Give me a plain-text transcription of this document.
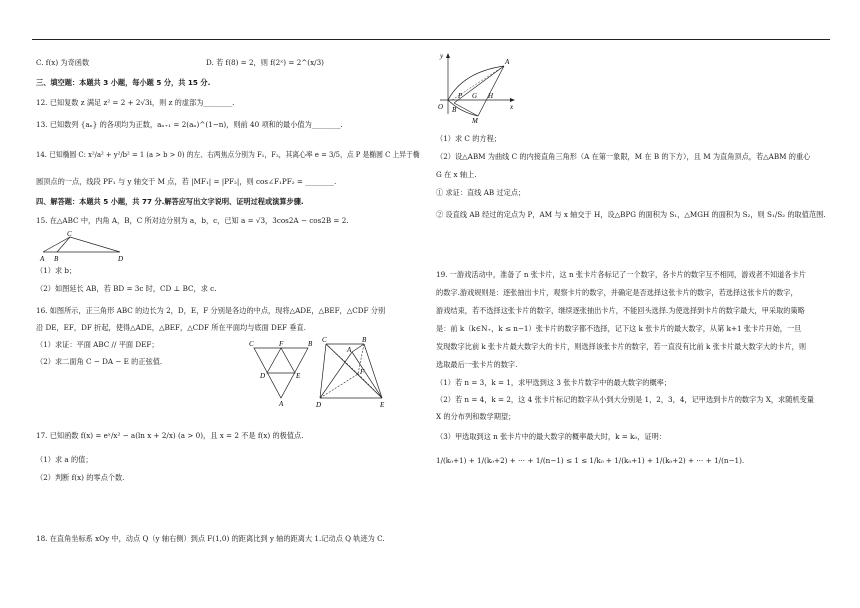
C. f(x) 为奇函数	D. 若 f(8) = 2，则 f(2ˣ) = 2^(x/3)
三、填空题：本题共 3 小题，每小题 5 分，共 15 分.
12. 已知复数 z 满足 z² = 2 + 2√3i，则 z 的虚部为________.
13. 已知数列 {aₙ} 的各项均为正数，aₙ₊₁ = 2(aₙ)^(1−n)，则前 40 项和的最小值为________.
14. 已知椭圆 C: x²/a² + y²/b² = 1 (a > b > 0) 的左、右两焦点分别为 F₁，F₂，其离心率 e = 3/5，点 P 是椭圆 C 上异于椭
圆顶点的一点，线段 PF₁ 与 y 轴交于 M 点，若 |MF₁| = |PF₂|，则 cos∠F₁PF₂ = ________.
四、解答题：本题共 5 小题，共 77 分.解答应写出文字说明、证明过程或演算步骤.
15. 在△ABC 中，内角 A，B，C 所对边分别为 a，b，c，已知 a = √3，3cos2A − cos2B = 2.
C
A B	D
（1）求 b；
（2）如图延长 AB，若 BD = 3c 时，CD ⊥ BC，求 c.
16. 如图所示，正三角形 ABC 的边长为 2，D，E，F 分别是各边的中点，现将△ADE，△BEF，△CDF 分别
沿 DE，EF，DF 折起，使得△ADE，△BEF，△CDF 所在平面均与底面 DEF 垂直.
（1）求证：平面 ABC // 平面 DEF；
（2）求二面角 C − DA − E 的正弦值.
C	F	B
D	E
A
C
A
B
F
D	E
17. 已知函数 f(x) = eˣ/x² − a(ln x + 2/x) (a > 0)，且 x = 2 不是 f(x) 的极值点.
（1）求 a 的值；
（2）判断 f(x) 的零点个数.
18. 在直角坐标系 xOy 中，动点 Q（y 轴右侧）到点 F(1,0) 的距离比到 y 轴的距离大 1.记动点 Q 轨迹为 C.
y
A
O B
P G H
x
M
（1）求 C 的方程；
（2）设△ABM 为曲线 C 的内接直角三角形（A 在第一象限，M 在 B 的下方），且 M 为直角顶点，若△ABM 的重心
G 在 x 轴上.
① 求证：直线 AB 过定点；
② 设直线 AB 经过的定点为 P，AM 与 x 轴交于 H，设△BPG 的面积为 S₁，△MGH 的面积为 S₂，则 S₁/S₂ 的取值范围.
19. 一游戏活动中，准备了 n 张卡片，这 n 张卡片各标记了一个数字，各卡片的数字互不相同，游戏者不知道各卡片
的数字.游戏规则是：逐张抽出卡片，观察卡片的数字，并确定是否选择这张卡片的数字，若选择这张卡片的数字，
游戏结束，若不选择这张卡片的数字，继续逐张抽出卡片，不能回头选择.为使选择到卡片的数字最大，甲采取的策略
是：前 k（k∈N₊，k ≤ n−1）张卡片的数字都不选择，记下这 k 张卡片的最大数字，从第 k+1 张卡片开始，一旦
发现数字比前 k 张卡片最大数字大的卡片，则选择该张卡片的数字，若一直没有比前 k 张卡片最大数字大的卡片，则
选取最后一张卡片的数字.
（1）若 n = 3，k = 1，求甲选到这 3 张卡片数字中的最大数字的概率；
（2）若 n = 4，k = 2，这 4 张卡片标记的数字从小到大分别是 1，2，3，4，记甲选到卡片的数字为 X，求随机变量
X 的分布列和数学期望；
（3）甲选取到这 n 张卡片中的最大数字的概率最大时，k = k₀，证明：
1/(k₀+1) + 1/(k₀+2) + ⋯ + 1/(n−1) ≤ 1 ≤ 1/k₀ + 1/(k₀+1) + 1/(k₀+2) + ⋯ + 1/(n−1).
